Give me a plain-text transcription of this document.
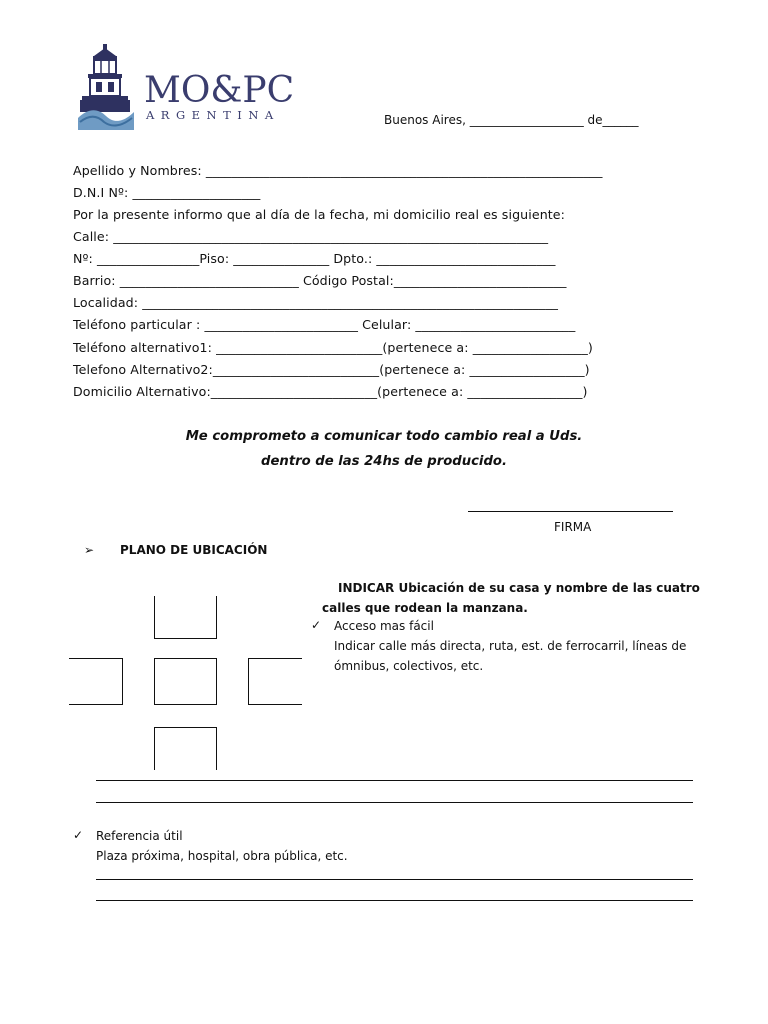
MO&PC
ARGENTINA	Buenos Aires, ___________________ de______
Apellido y Nombres: ______________________________________________________________
D.N.I Nº: ____________________
Por la presente informo que al día de la fecha, mi domicilio real es siguiente:
Calle: ____________________________________________________________________
Nº: ________________Piso: _______________ Dpto.: ____________________________
Barrio: ____________________________ Código Postal:___________________________
Localidad: _________________________________________________________________
Teléfono particular : ________________________ Celular: _________________________
Teléfono alternativo1: __________________________(pertenece a: __________________)
Telefono Alternativo2:__________________________(pertenece a: __________________)
Domicilio Alternativo:__________________________(pertenece a: __________________)
Me comprometo a comunicar todo cambio real a Uds.
dentro de las 24hs de producido.
FIRMA
➢ PLANO DE UBICACIÓN
INDICAR Ubicación de su casa y nombre de las cuatro
calles que rodean la manzana.
✓ Acceso mas fácil
Indicar calle más directa, ruta, est. de ferrocarril, líneas de
ómnibus, colectivos, etc.
✓ Referencia útil
Plaza próxima, hospital, obra pública, etc.
